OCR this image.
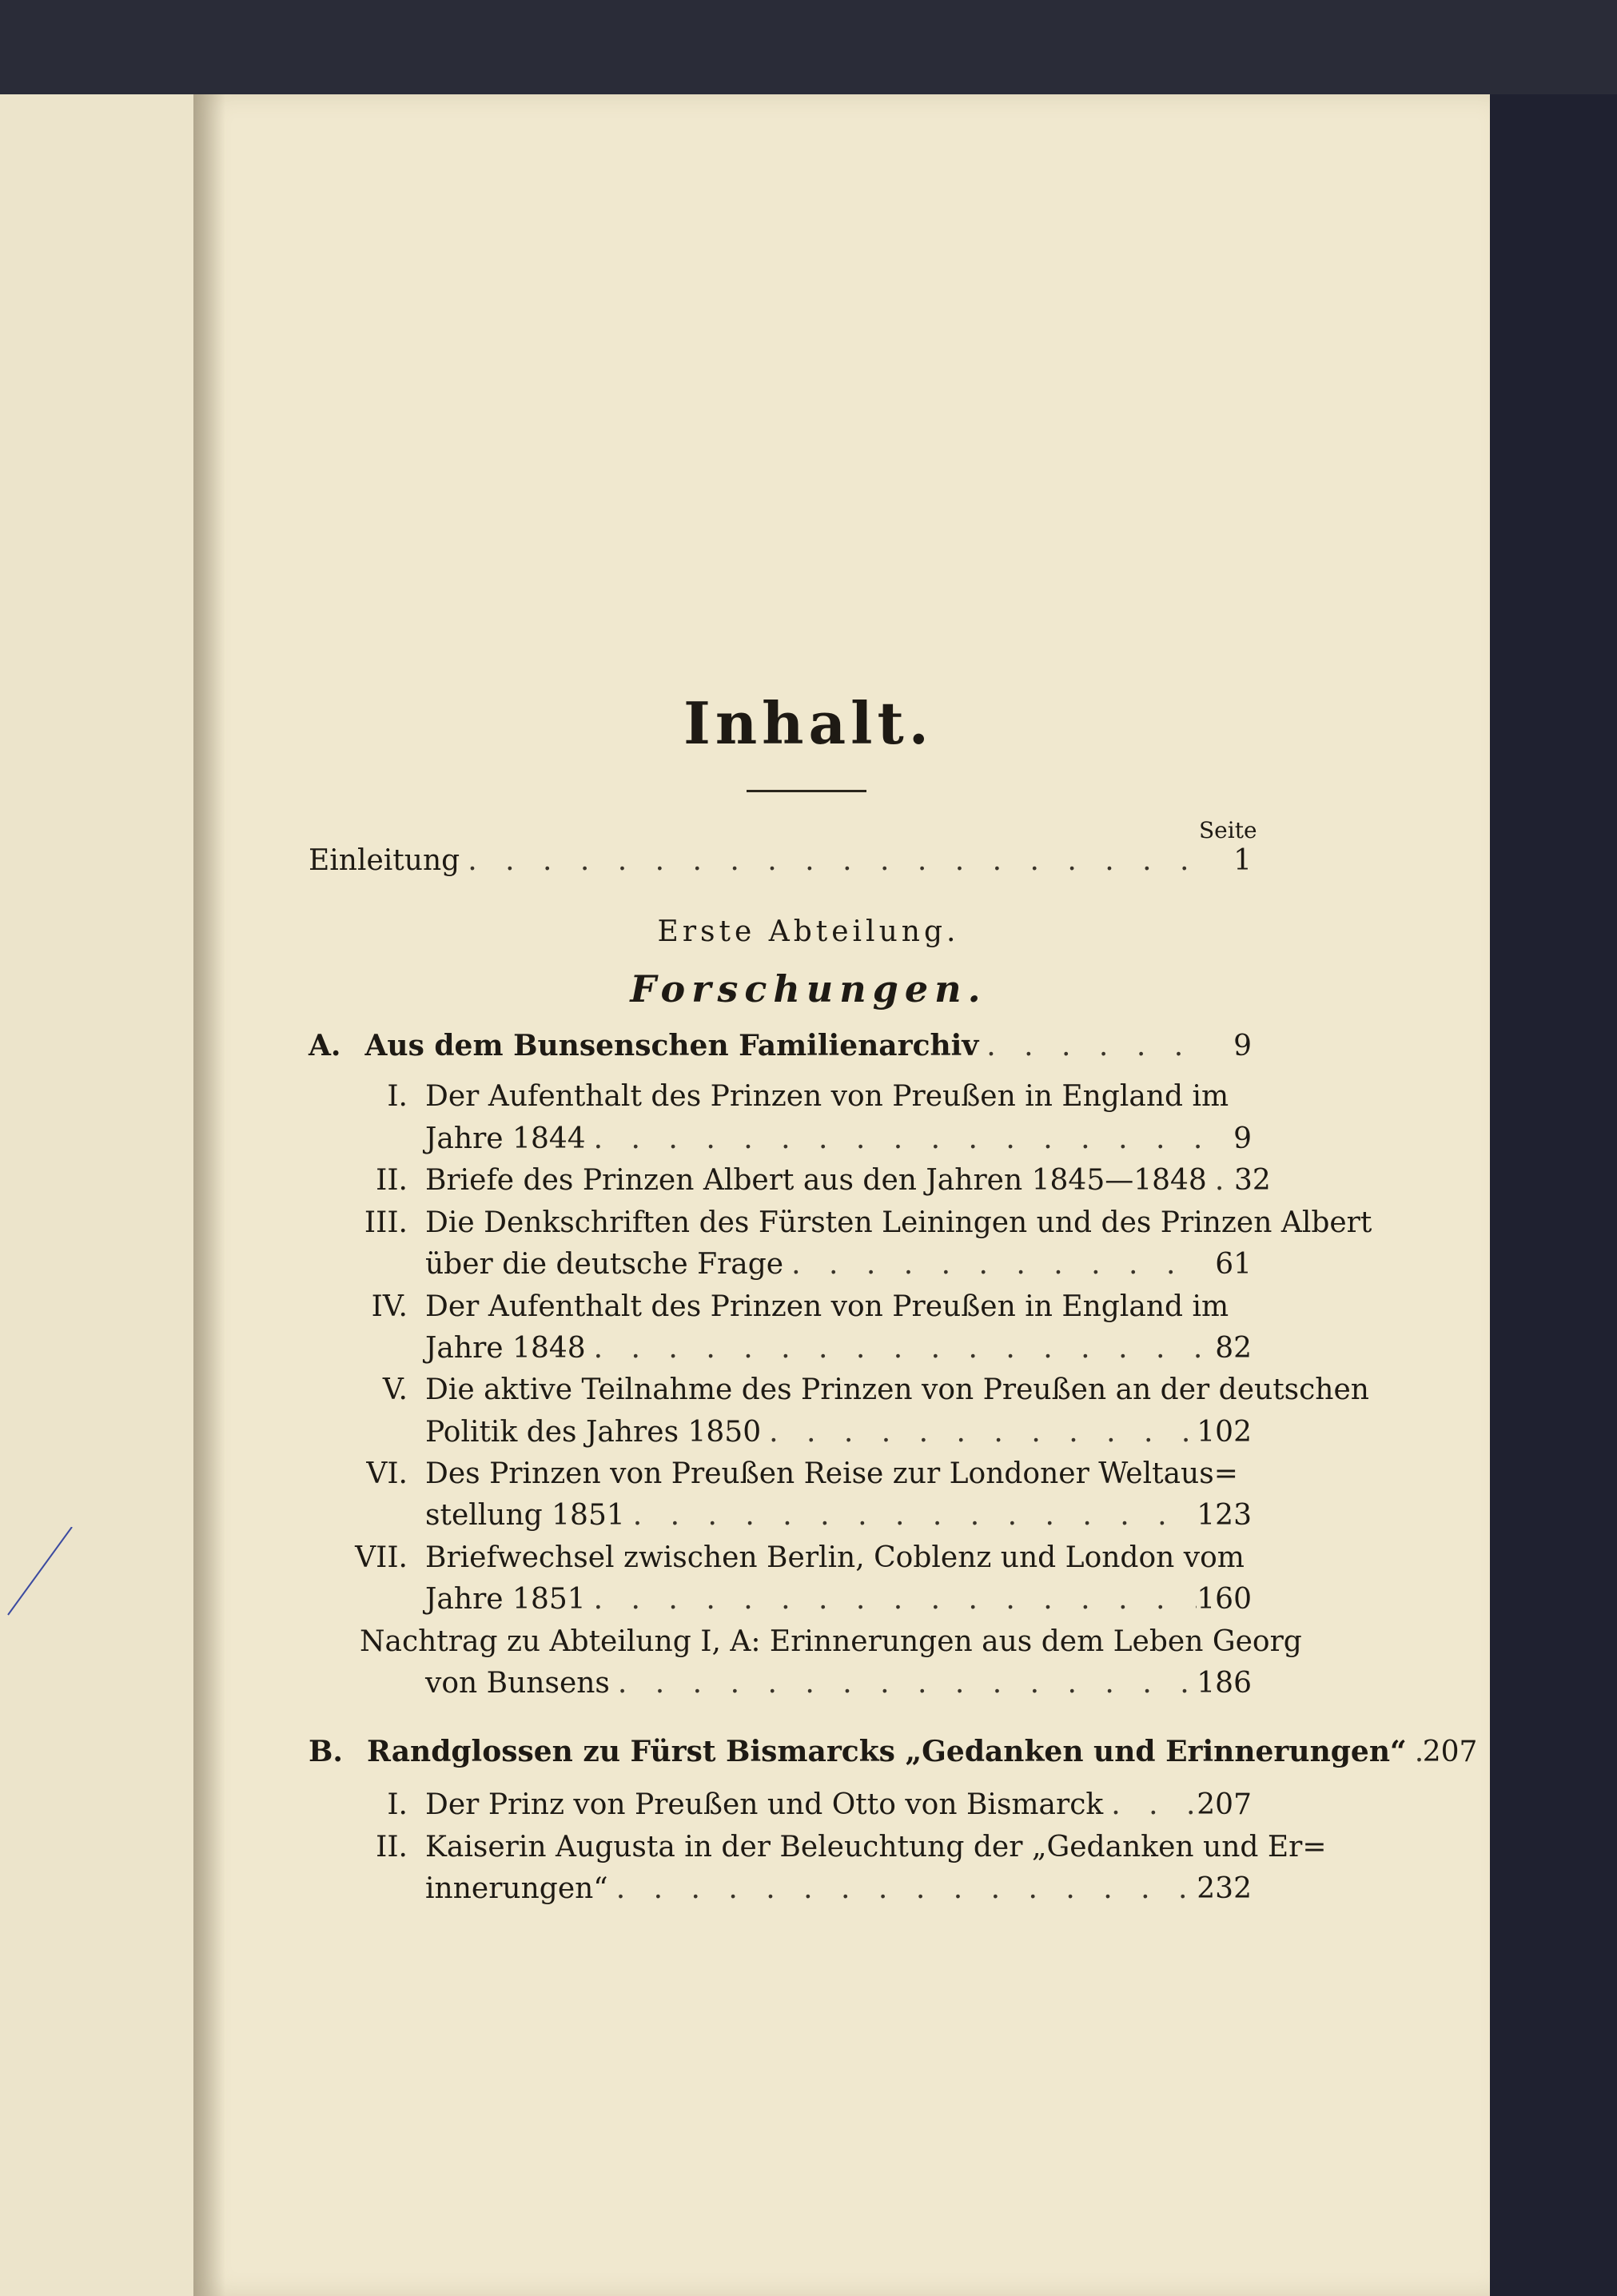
Inhalt.
Seite
Einleitung . . .	1
Erste Abteilung.
Forschungen.
A. Aus dem Bunsenschen Familienarchiv . . .	9
I. Der Aufenthalt des Prinzen von Preußen in England im
Jahre 1844 . . .	9
II. Briefe des Prinzen Albert aus den Jahren 1845—1848 . . . 32
III. Die Denkschriften des Fürsten Leiningen und des Prinzen Albert
über die deutsche Frage . . .	61
IV. Der Aufenthalt des Prinzen von Preußen in England im
Jahre 1848 . . .	82
V. Die aktive Teilnahme des Prinzen von Preußen an der deutschen
Politik des Jahres 1850 . . .	102
VI. Des Prinzen von Preußen Reise zur Londoner Weltaus=
stellung 1851 . . .	123
VII. Briefwechsel zwischen Berlin, Coblenz und London vom
Jahre 1851 . . .	160
Nachtrag zu Abteilung I, A: Erinnerungen aus dem Leben Georg
von Bunsens . . .	186
B. Randglossen zu Fürst Bismarcks „Gedanken und Erinnerungen“ . . . 207
I. Der Prinz von Preußen und Otto von Bismarck . . .	207
II. Kaiserin Augusta in der Beleuchtung der „Gedanken und Er=
innerungen“ . . .	232
